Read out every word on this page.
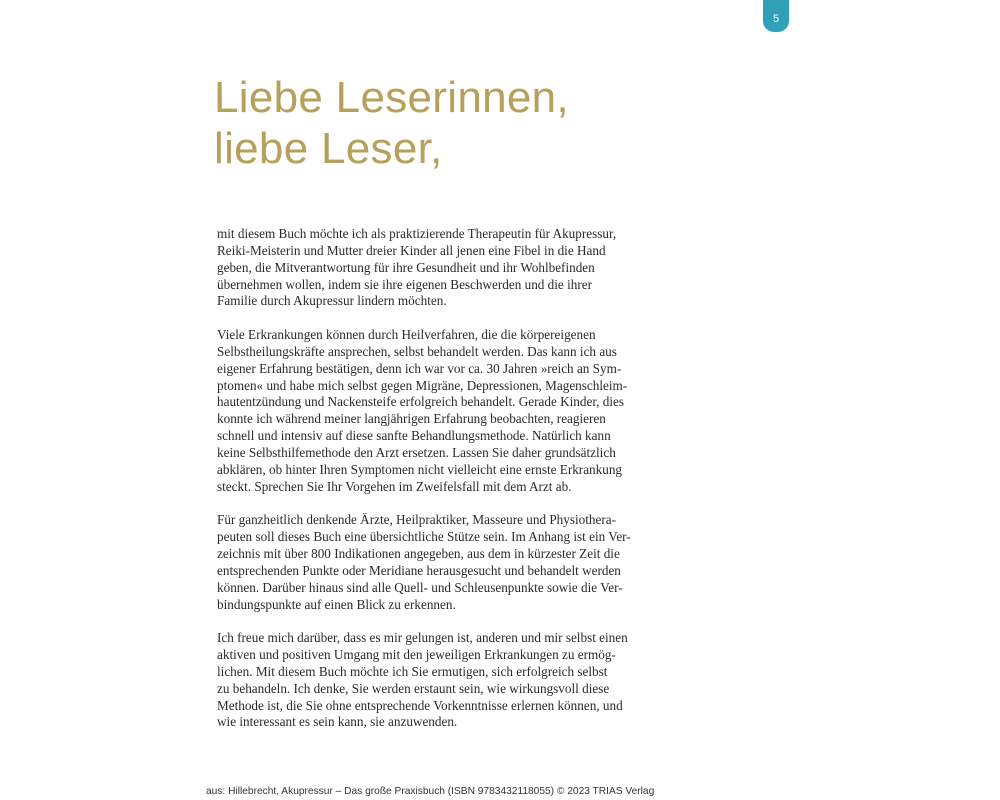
5
Liebe Leserinnen,
liebe Leser,

mit diesem Buch möchte ich als praktizierende Therapeutin für Akupressur,
Reiki-Meisterin und Mutter dreier Kinder all jenen eine Fibel in die Hand
geben, die Mitverantwortung für ihre Gesundheit und ihr Wohlbefinden
übernehmen wollen, indem sie ihre eigenen Beschwerden und die ihrer
Familie durch Akupressur lindern möchten.

Viele Erkrankungen können durch Heilverfahren, die die körpereigenen
Selbstheilungskräfte ansprechen, selbst behandelt werden. Das kann ich aus
eigener Erfahrung bestätigen, denn ich war vor ca. 30 Jahren »reich an Sym-
ptomen« und habe mich selbst gegen Migräne, Depressionen, Magenschleim-
hautentzündung und Nackensteife erfolgreich behandelt. Gerade Kinder, dies
konnte ich während meiner langjährigen Erfahrung beobachten, reagieren
schnell und intensiv auf diese sanfte Behandlungsmethode. Natürlich kann
keine Selbsthilfemethode den Arzt ersetzen. Lassen Sie daher grundsätzlich
abklären, ob hinter Ihren Symptomen nicht vielleicht eine ernste Erkrankung
steckt. Sprechen Sie Ihr Vorgehen im Zweifelsfall mit dem Arzt ab.

Für ganzheitlich denkende Ärzte, Heilpraktiker, Masseure und Physiothera-
peuten soll dieses Buch eine übersichtliche Stütze sein. Im Anhang ist ein Ver-
zeichnis mit über 800 Indikationen angegeben, aus dem in kürzester Zeit die
entsprechenden Punkte oder Meridiane herausgesucht und behandelt werden
können. Darüber hinaus sind alle Quell- und Schleusenpunkte sowie die Ver-
bindungspunkte auf einen Blick zu erkennen.

Ich freue mich darüber, dass es mir gelungen ist, anderen und mir selbst einen
aktiven und positiven Umgang mit den jeweiligen Erkrankungen zu ermög-
lichen. Mit diesem Buch möchte ich Sie ermutigen, sich erfolgreich selbst
zu behandeln. Ich denke, Sie werden erstaunt sein, wie wirkungsvoll diese
Methode ist, die Sie ohne entsprechende Vorkenntnisse erlernen können, und
wie interessant es sein kann, sie anzuwenden.

aus: Hillebrecht, Akupressur – Das große Praxisbuch (ISBN 9783432118055) © 2023 TRIAS Verlag
